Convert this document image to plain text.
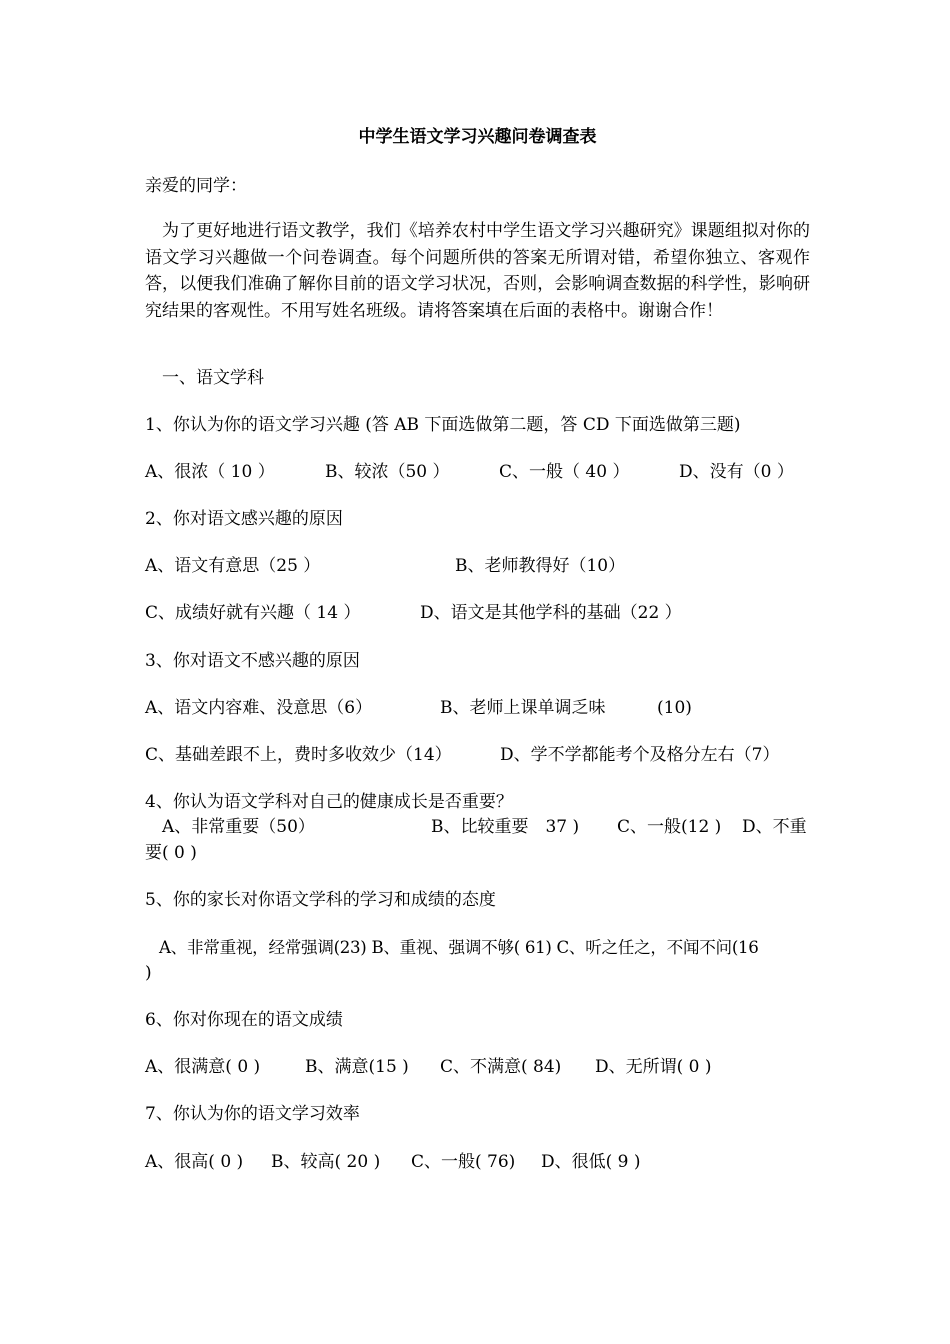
中学生语文学习兴趣问卷调查表
亲爱的同学：
为了更好地进行语文教学，我们《培养农村中学生语文学习兴趣研究》课题组拟对你的语文学习兴趣做一个问卷调查。每个问题所供的答案无所谓对错，希望你独立、客观作答，以便我们准确了解你目前的语文学习状况，否则，会影响调查数据的科学性，影响研究结果的客观性。不用写姓名班级。请将答案填在后面的表格中。谢谢合作！
一、语文学科
1、你认为你的语文学习兴趣 (答 AB 下面选做第二题，答 CD 下面选做第三题)
A、很浓（ 10 ）	B、较浓（50 ）	C、一般（ 40 ）	D、没有（0 ）
2、你对语文感兴趣的原因
A、语文有意思（25 ）	B、老师教得好（10）
C、成绩好就有兴趣（ 14 ）	D、语文是其他学科的基础（22 ）
3、你对语文不感兴趣的原因
A、语文内容难、没意思（6）	B、老师上课单调乏味	(10)
C、基础差跟不上，费时多收效少（14）	D、学不学都能考个及格分左右（7）
4、你认为语文学科对自己的健康成长是否重要？
A、非常重要（50）	B、比较重要　37 ) C、一般(12 ) D、不重
要( 0 )
5、你的家长对你语文学科的学习和成绩的态度
A、非常重视，经常强调(23) B、重视、强调不够( 61) C、听之任之，不闻不问(16
)
6、你对你现在的语文成绩
A、很满意( 0 )	B、满意(15 ) C、不满意( 84) D、无所谓( 0 )
7、你认为你的语文学习效率
A、很高( 0 ) B、较高( 20 ) C、一般( 76) D、很低( 9 )
